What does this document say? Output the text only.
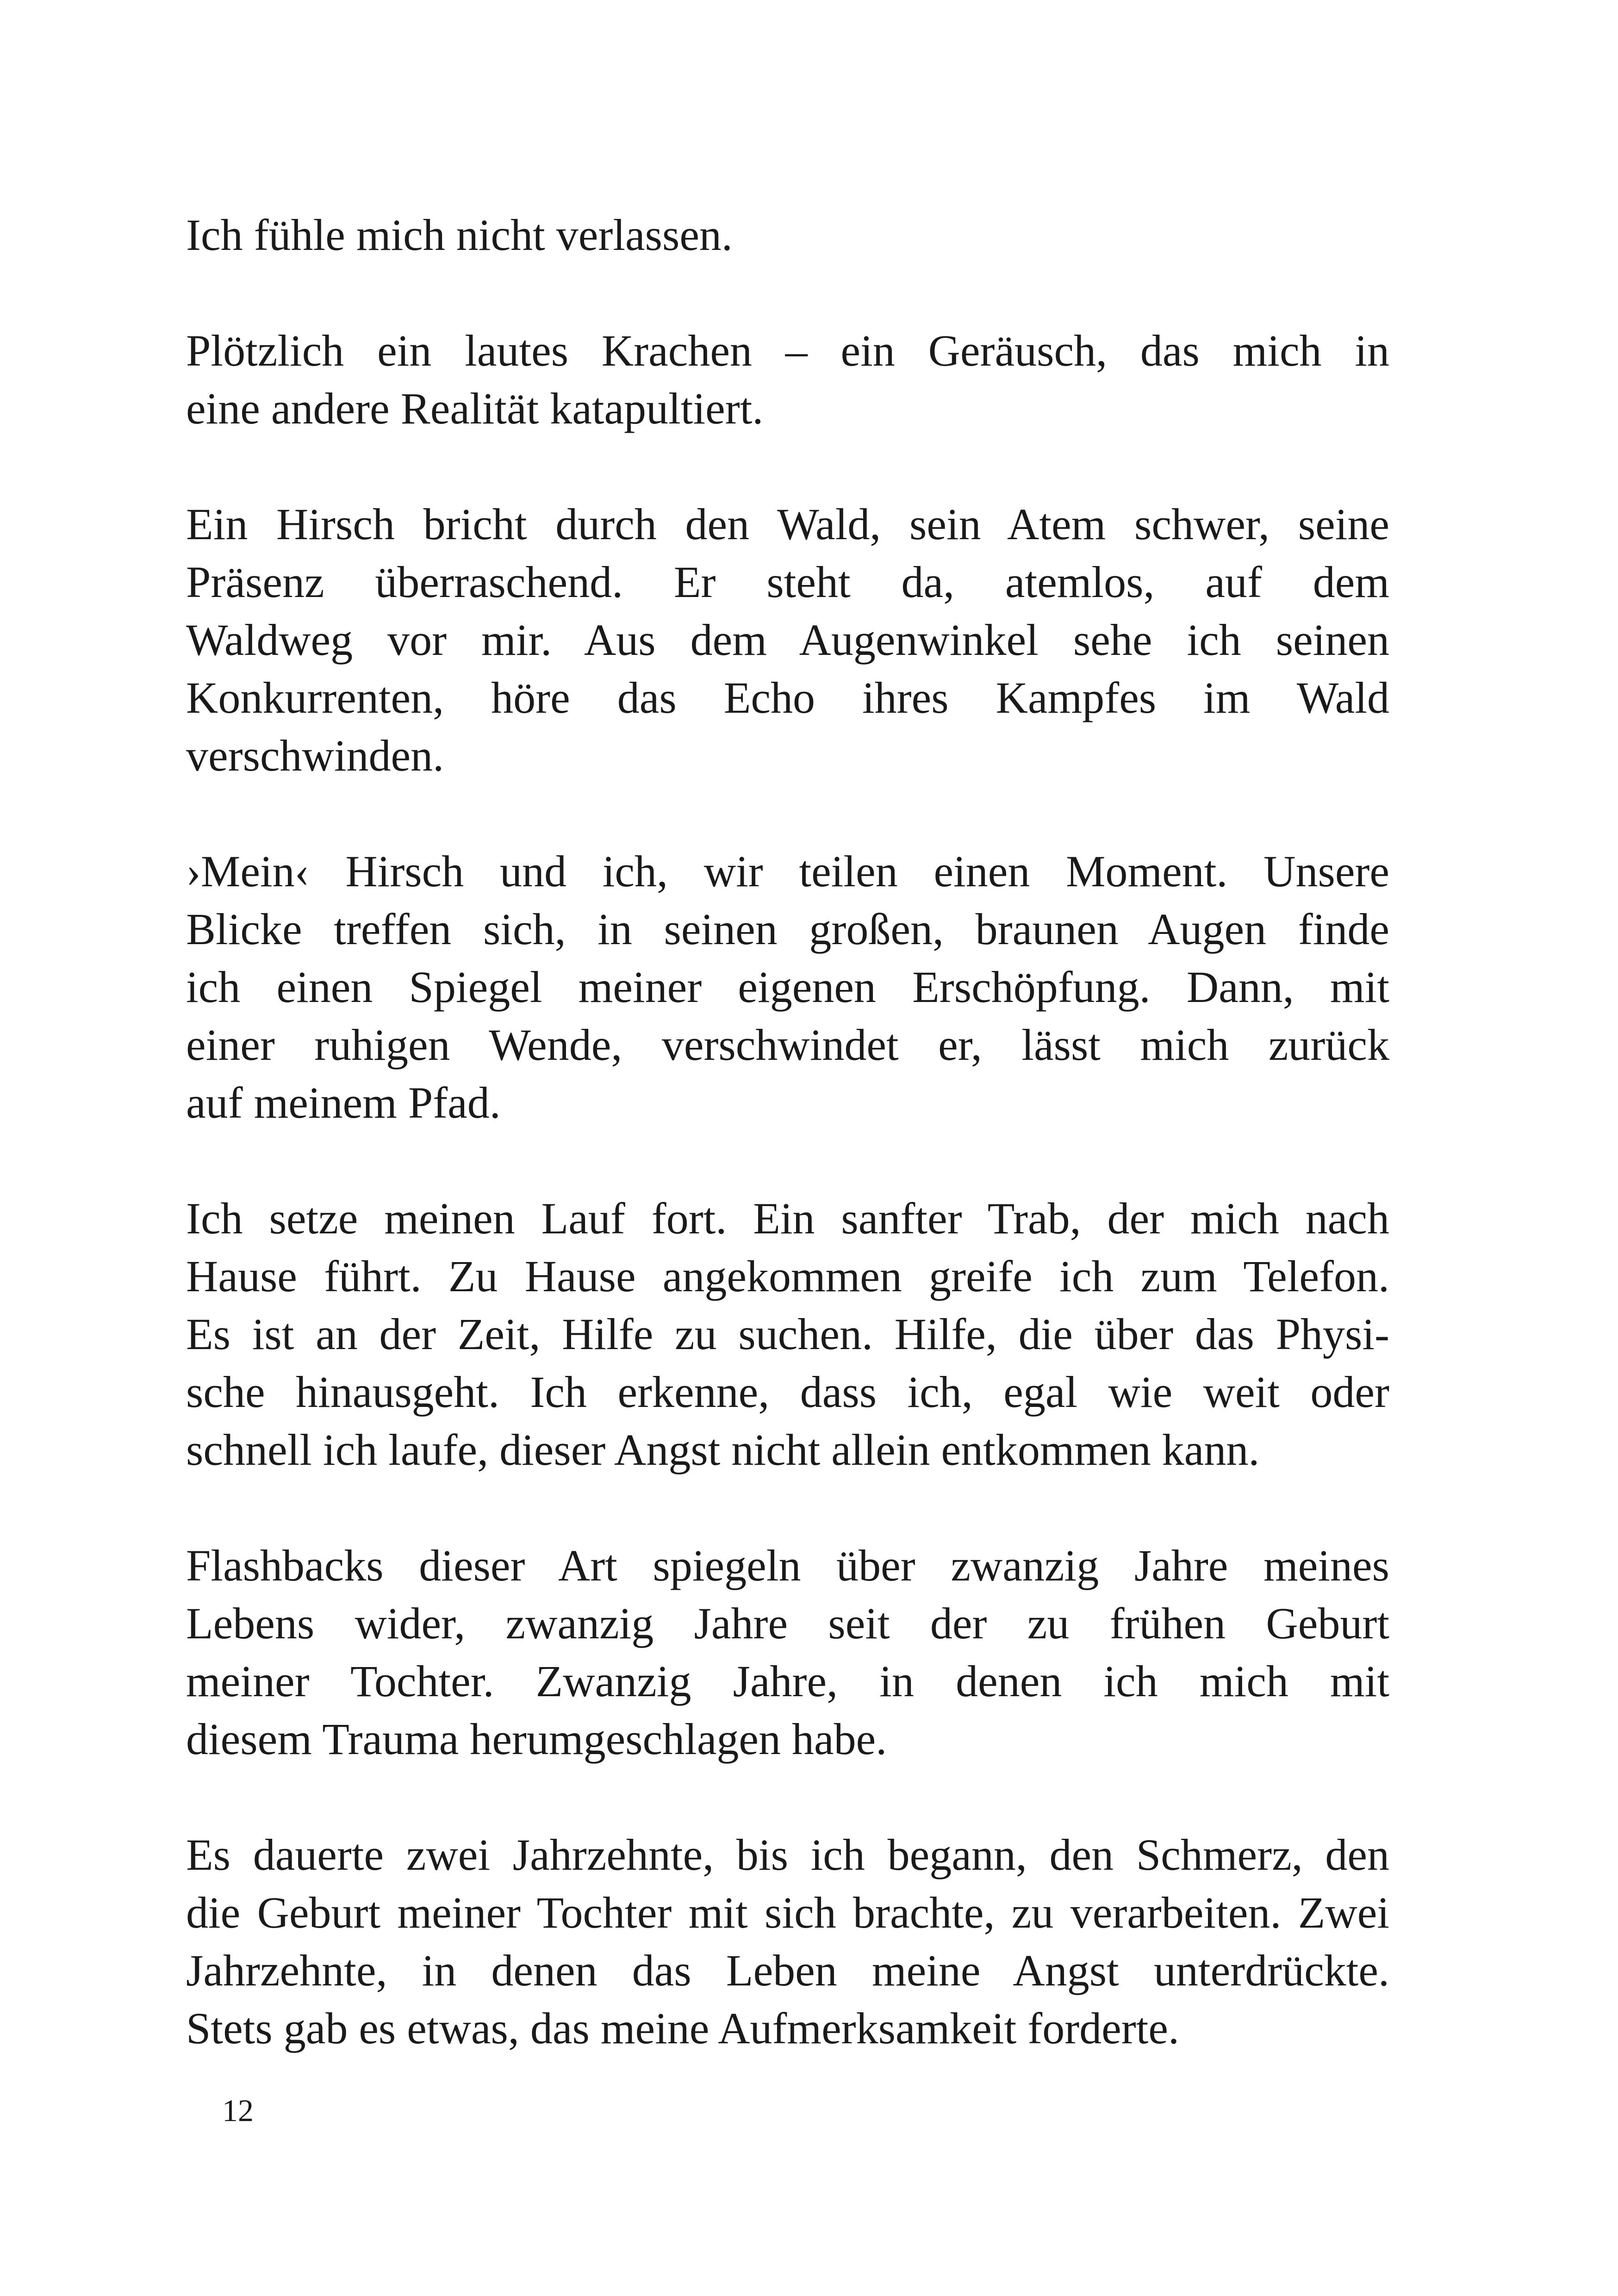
Ich fühle mich nicht verlassen.
Plötzlich ein lautes Krachen – ein Geräusch, das mich in
eine andere Realität katapultiert.
Ein Hirsch bricht durch den Wald, sein Atem schwer, seine
Präsenz überraschend. Er steht da, atemlos, auf dem
Waldweg vor mir. Aus dem Augenwinkel sehe ich seinen
Konkurrenten, höre das Echo ihres Kampfes im Wald
verschwinden.
›Mein‹ Hirsch und ich, wir teilen einen Moment. Unsere
Blicke treffen sich, in seinen großen, braunen Augen finde
ich einen Spiegel meiner eigenen Erschöpfung. Dann, mit
einer ruhigen Wende, verschwindet er, lässt mich zurück
auf meinem Pfad.
Ich setze meinen Lauf fort. Ein sanfter Trab, der mich nach
Hause führt. Zu Hause angekommen greife ich zum Telefon.
Es ist an der Zeit, Hilfe zu suchen. Hilfe, die über das Physi-
sche hinausgeht. Ich erkenne, dass ich, egal wie weit oder
schnell ich laufe, dieser Angst nicht allein entkommen kann.
Flashbacks dieser Art spiegeln über zwanzig Jahre meines
Lebens wider, zwanzig Jahre seit der zu frühen Geburt
meiner Tochter. Zwanzig Jahre, in denen ich mich mit
diesem Trauma herumgeschlagen habe.
Es dauerte zwei Jahrzehnte, bis ich begann, den Schmerz, den
die Geburt meiner Tochter mit sich brachte, zu verarbeiten. Zwei
Jahrzehnte, in denen das Leben meine Angst unterdrückte.
Stets gab es etwas, das meine Aufmerksamkeit forderte.
12
